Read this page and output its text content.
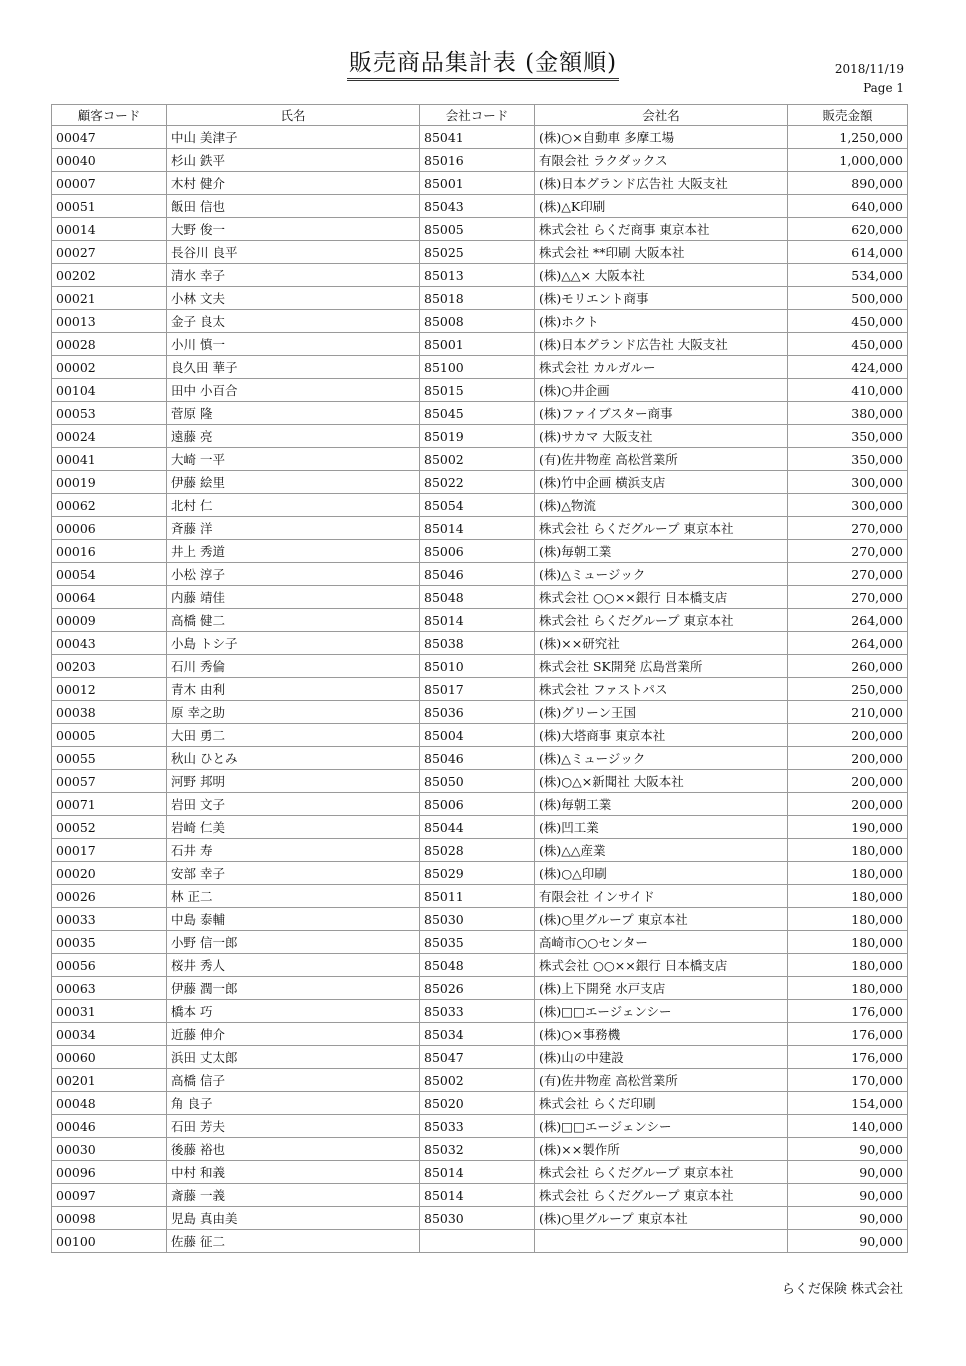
販売商品集計表 (金額順)	2018/11/19
Page 1
顧客コード	氏名	会社コード	会社名	販売金額
00047	中山 美津子	85041	(株)○×自動車 多摩工場	1,250,000
00040	杉山 鉄平	85016	有限会社 ラクダックス	1,000,000
00007	木村 健介	85001	(株)日本グランド広告社 大阪支社	890,000
00051	飯田 信也	85043	(株)△K印刷	640,000
00014	大野 俊一	85005	株式会社 らくだ商事 東京本社	620,000
00027	長谷川 良平	85025	株式会社 **印刷 大阪本社	614,000
00202	清水 幸子	85013	(株)△△× 大阪本社	534,000
00021	小林 文夫	85018	(株)モリエント商事	500,000
00013	金子 良太	85008	(株)ホクト	450,000
00028	小川 慎一	85001	(株)日本グランド広告社 大阪支社	450,000
00002	良久田 華子	85100	株式会社 カルガルー	424,000
00104	田中 小百合	85015	(株)○井企画	410,000
00053	菅原 隆	85045	(株)ファイブスター商事	380,000
00024	遠藤 亮	85019	(株)サカマ 大阪支社	350,000
00041	大崎 一平	85002	(有)佐井物産 高松営業所	350,000
00019	伊藤 絵里	85022	(株)竹中企画 横浜支店	300,000
00062	北村 仁	85054	(株)△物流	300,000
00006	斉藤 洋	85014	株式会社 らくだグループ 東京本社	270,000
00016	井上 秀道	85006	(株)毎朝工業	270,000
00054	小松 淳子	85046	(株)△ミュージック	270,000
00064	内藤 靖佳	85048	株式会社 ○○××銀行 日本橋支店	270,000
00009	高橋 健二	85014	株式会社 らくだグループ 東京本社	264,000
00043	小島 トシ子	85038	(株)××研究社	264,000
00203	石川 秀倫	85010	株式会社 SK開発 広島営業所	260,000
00012	青木 由利	85017	株式会社 ファストパス	250,000
00038	原 幸之助	85036	(株)グリーン王国	210,000
00005	大田 勇二	85004	(株)大塔商事 東京本社	200,000
00055	秋山 ひとみ	85046	(株)△ミュージック	200,000
00057	河野 邦明	85050	(株)○△×新聞社 大阪本社	200,000
00071	岩田 文子	85006	(株)毎朝工業	200,000
00052	岩崎 仁美	85044	(株)凹工業	190,000
00017	石井 寿	85028	(株)△△産業	180,000
00020	安部 幸子	85029	(株)○△印刷	180,000
00026	林 正二	85011	有限会社 インサイド	180,000
00033	中島 泰輔	85030	(株)○里グループ 東京本社	180,000
00035	小野 信一郎	85035	高崎市○○センター	180,000
00056	桜井 秀人	85048	株式会社 ○○××銀行 日本橋支店	180,000
00063	伊藤 潤一郎	85026	(株)上下開発 水戸支店	180,000
00031	橋本 巧	85033	(株)□□エージェンシー	176,000
00034	近藤 伸介	85034	(株)○×事務機	176,000
00060	浜田 丈太郎	85047	(株)山の中建設	176,000
00201	高橋 信子	85002	(有)佐井物産 高松営業所	170,000
00048	角 良子	85020	株式会社 らくだ印刷	154,000
00046	石田 芳夫	85033	(株)□□エージェンシー	140,000
00030	後藤 裕也	85032	(株)××製作所	90,000
00096	中村 和義	85014	株式会社 らくだグループ 東京本社	90,000
00097	斎藤 一義	85014	株式会社 らくだグループ 東京本社	90,000
00098	児島 真由美	85030	(株)○里グループ 東京本社	90,000
00100	佐藤 征二			90,000
らくだ保険 株式会社
